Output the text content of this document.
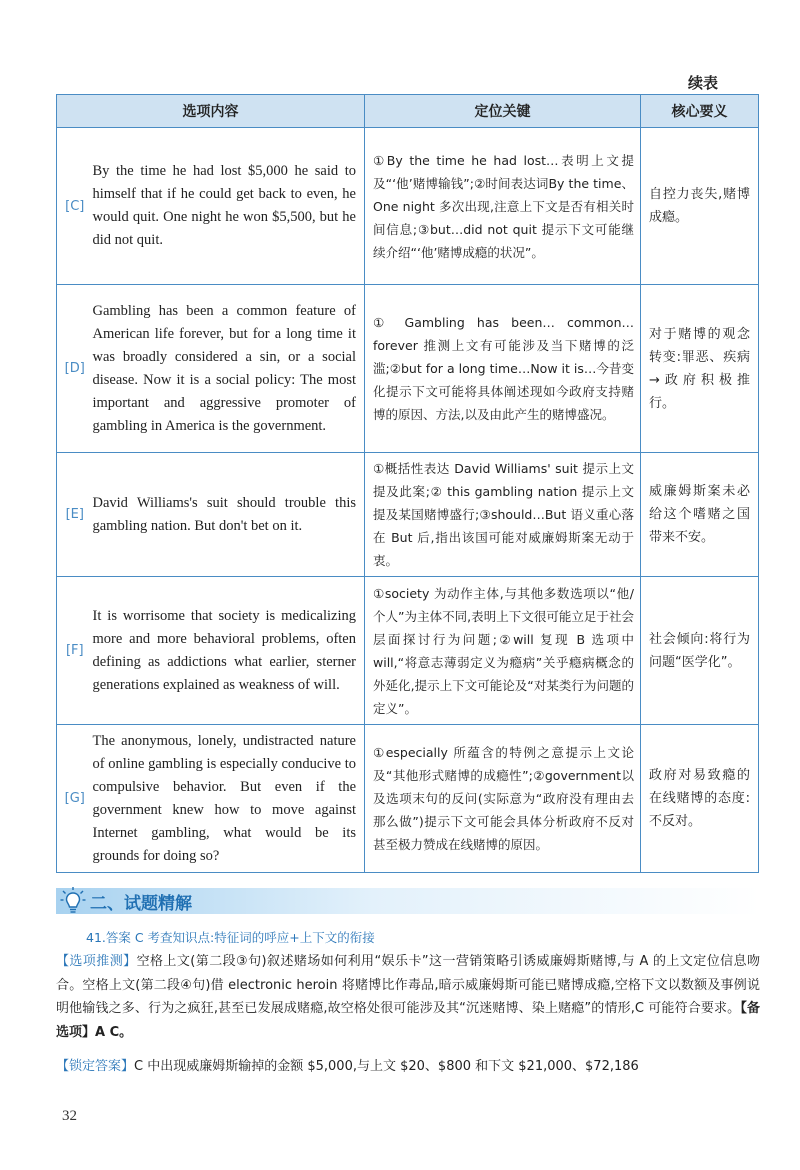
续表
选项内容		定位关键	核心要义
[C]	By the time he had lost $5,000 he said to himself that if he could get back to even, he would quit. One night he won $5,500, but he did not quit.	①By the time he had lost…表明上文提及“‘他’赌博输钱”;②时间表达词By the time、One night 多次出现,注意上下文是否有相关时间信息;③but…did not quit 提示下文可能继续介绍“‘他’赌博成瘾的状况”。	自控力丧失,赌博成瘾。
[D]	Gambling has been a common feature of American life forever, but for a long time it was broadly considered a sin, or a social disease. Now it is a social policy: The most important and aggressive promoter of gambling in America is the government.	① Gambling has been… common… forever 推测上文有可能涉及当下赌博的泛滥;②but for a long time…Now it is…今昔变化提示下文可能将具体阐述现如今政府支持赌博的原因、方法,以及由此产生的赌博盛况。	对于赌博的观念转变:罪恶、疾病→政府积极推行。
[E]	David Williams's suit should trouble this gambling nation. But don't bet on it.	①概括性表达 David Williams' suit 提示上文提及此案;② this gambling nation 提示上文提及某国赌博盛行;③should…But 语义重心落在 But 后,指出该国可能对威廉姆斯案无动于衷。	威廉姆斯案未必给这个嗜赌之国带来不安。
[F]	It is worrisome that society is medicalizing more and more behavioral problems, often defining as addictions what earlier, sterner generations explained as weakness of will.	①society 为动作主体,与其他多数选项以“他/个人”为主体不同,表明上下文很可能立足于社会层面探讨行为问题;②will 复现 B 选项中 will,“将意志薄弱定义为瘾病”关乎瘾病概念的外延化,提示上下文可能论及“对某类行为问题的定义”。	社会倾向:将行为问题“医学化”。
[G]	The anonymous, lonely, undistracted nature of online gambling is especially conducive to compulsive behavior. But even if the government knew how to move against Internet gambling, what would be its grounds for doing so?	①especially 所蕴含的特例之意提示上文论及“其他形式赌博的成瘾性”;②government以及选项末句的反问(实际意为“政府没有理由去那么做”)提示下文可能会具体分析政府不反对甚至极力赞成在线赌博的原因。	政府对易致瘾的在线赌博的态度:不反对。
二、试题精解
41.答案 C 考查知识点:特征词的呼应+上下文的衔接
【选项推测】空格上文(第二段③句)叙述赌场如何利用“娱乐卡”这一营销策略引诱威廉姆斯赌博,与 A 的上文定位信息吻合。空格上文(第二段④句)借 electronic heroin 将赌博比作毒品,暗示威廉姆斯可能已赌博成瘾,空格下文以数额及事例说明他输钱之多、行为之疯狂,甚至已发展成赌瘾,故空格处很可能涉及其“沉迷赌博、染上赌瘾”的情形,C 可能符合要求。【备选项】A C。
【锁定答案】C 中出现威廉姆斯输掉的金额 $5,000,与上文 $20、$800 和下文 $21,000、$72,186
32
